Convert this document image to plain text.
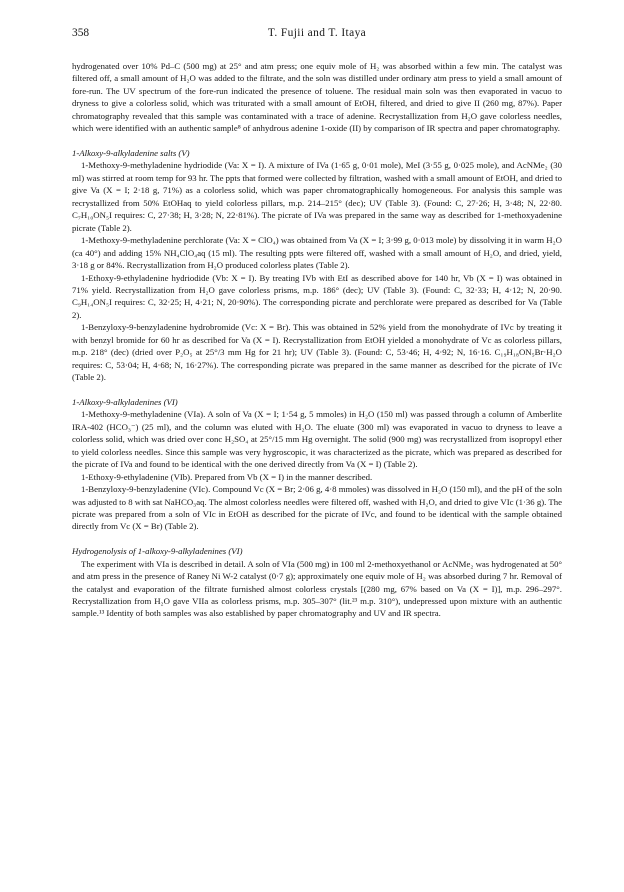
358	T. Fujii and T. Itaya

hydrogenated over 10% Pd–C (500 mg) at 25° and atm press; one equiv mole of H₂ was absorbed within a few min. The catalyst was filtered off, a small amount of H₂O was added to the filtrate, and the soln was distilled under ordinary atm press to yield a small amount of fore-run. The UV spectrum of the fore-run indicated the presence of toluene. The residual main soln was then evaporated in vacuo to dryness to give a colorless solid, which was triturated with a small amount of EtOH, filtered, and dried to give II (260 mg, 87%). Paper chromatography revealed that this sample was contaminated with a trace of adenine. Recrystallization from H₂O gave colorless needles, which were identified with an authentic sample⁸ of anhydrous adenine 1-oxide (II) by comparison of IR spectra and paper chromatography.

1-Alkoxy-9-alkyladenine salts (V)

1-Methoxy-9-methyladenine hydriodide (Va: X = I). A mixture of IVa (1·65 g, 0·01 mole), MeI (3·55 g, 0·025 mole), and AcNMe₂ (30 ml) was stirred at room temp for 93 hr. The ppts that formed were collected by filtration, washed with a small amount of EtOH, and dried to give Va (X = I; 2·18 g, 71%) as a colorless solid, which was paper chromatographically homogeneous. For analysis this sample was recrystallized from 50% EtOHaq to yield colorless pillars, m.p. 214–215° (dec); UV (Table 3). (Found: C, 27·26; H, 3·48; N, 22·80. C₇H₁₀ON₅I requires: C, 27·38; H, 3·28; N, 22·81%). The picrate of IVa was prepared in the same way as described for 1-methoxyadenine picrate (Table 2).

1-Methoxy-9-methyladenine perchlorate (Va: X = ClO₄) was obtained from Va (X = I; 3·99 g, 0·013 mole) by dissolving it in warm H₂O (ca 40°) and adding 15% NH₄ClO₄aq (15 ml). The resulting ppts were filtered off, washed with a small amount of H₂O, and dried, yield, 3·18 g or 84%. Recrystallization from H₂O produced colorless plates (Table 2).

1-Ethoxy-9-ethyladenine hydriodide (Vb: X = I). By treating IVb with EtI as described above for 140 hr, Vb (X = I) was obtained in 71% yield. Recrystallization from H₂O gave colorless prisms, m.p. 186° (dec); UV (Table 3). (Found: C, 32·33; H, 4·12; N, 20·90. C₉H₁₄ON₅I requires: C, 32·25; H, 4·21; N, 20·90%). The corresponding picrate and perchlorate were prepared as described for Va (Table 2).

1-Benzyloxy-9-benzyladenine hydrobromide (Vc: X = Br). This was obtained in 52% yield from the monohydrate of IVc by treating it with benzyl bromide for 60 hr as described for Va (X = I). Recrystallization from EtOH yielded a monohydrate of Vc as colorless pillars, m.p. 218° (dec) (dried over P₂O₅ at 25°/3 mm Hg for 21 hr); UV (Table 3). (Found: C, 53·46; H, 4·92; N, 16·16. C₁₉H₁₈ON₅Br·H₂O requires: C, 53·04; H, 4·68; N, 16·27%). The corresponding picrate was prepared in the same manner as described for the picrate of IVc (Table 2).

1-Alkoxy-9-alkyladenines (VI)

1-Methoxy-9-methyladenine (VIa). A soln of Va (X = I; 1·54 g, 5 mmoles) in H₂O (150 ml) was passed through a column of Amberlite IRA-402 (HCO₃⁻) (25 ml), and the column was eluted with H₂O. The eluate (300 ml) was evaporated in vacuo to dryness to leave a colorless solid, which was dried over conc H₂SO₄ at 25°/15 mm Hg overnight. The solid (900 mg) was recrystallized from isopropyl ether to yield colorless needles. Since this sample was very hygroscopic, it was characterized as the picrate, which was prepared as described for the picrate of IVa and found to be identical with the one derived directly from Va (X = I) (Table 2).

1-Ethoxy-9-ethyladenine (VIb). Prepared from Vb (X = I) in the manner described.

1-Benzyloxy-9-benzyladenine (VIc). Compound Vc (X = Br; 2·06 g, 4·8 mmoles) was dissolved in H₂O (150 ml), and the pH of the soln was adjusted to 8 with sat NaHCO₃aq. The almost colorless needles were filtered off, washed with H₂O, and dried to give VIc (1·36 g). The picrate was prepared from a soln of VIc in EtOH as described for the picrate of IVc, and found to be identical with the sample obtained directly from Vc (X = Br) (Table 2).

Hydrogenolysis of 1-alkoxy-9-alkyladenines (VI)

The experiment with VIa is described in detail. A soln of VIa (500 mg) in 100 ml 2-methoxyethanol or AcNMe₂ was hydrogenated at 50° and atm press in the presence of Raney Ni W-2 catalyst (0·7 g); approximately one equiv mole of H₂ was absorbed during 7 hr. Removal of the catalyst and evaporation of the filtrate furnished almost colorless crystals [(280 mg, 67% based on Va (X = I)], m.p. 296–297°. Recrystallization from H₂O gave VIIa as colorless prisms, m.p. 305–307° (lit.²³ m.p. 310°), undepressed upon mixture with an authentic sample.¹³ Identity of both samples was also established by paper chromatography and UV and IR spectra.
